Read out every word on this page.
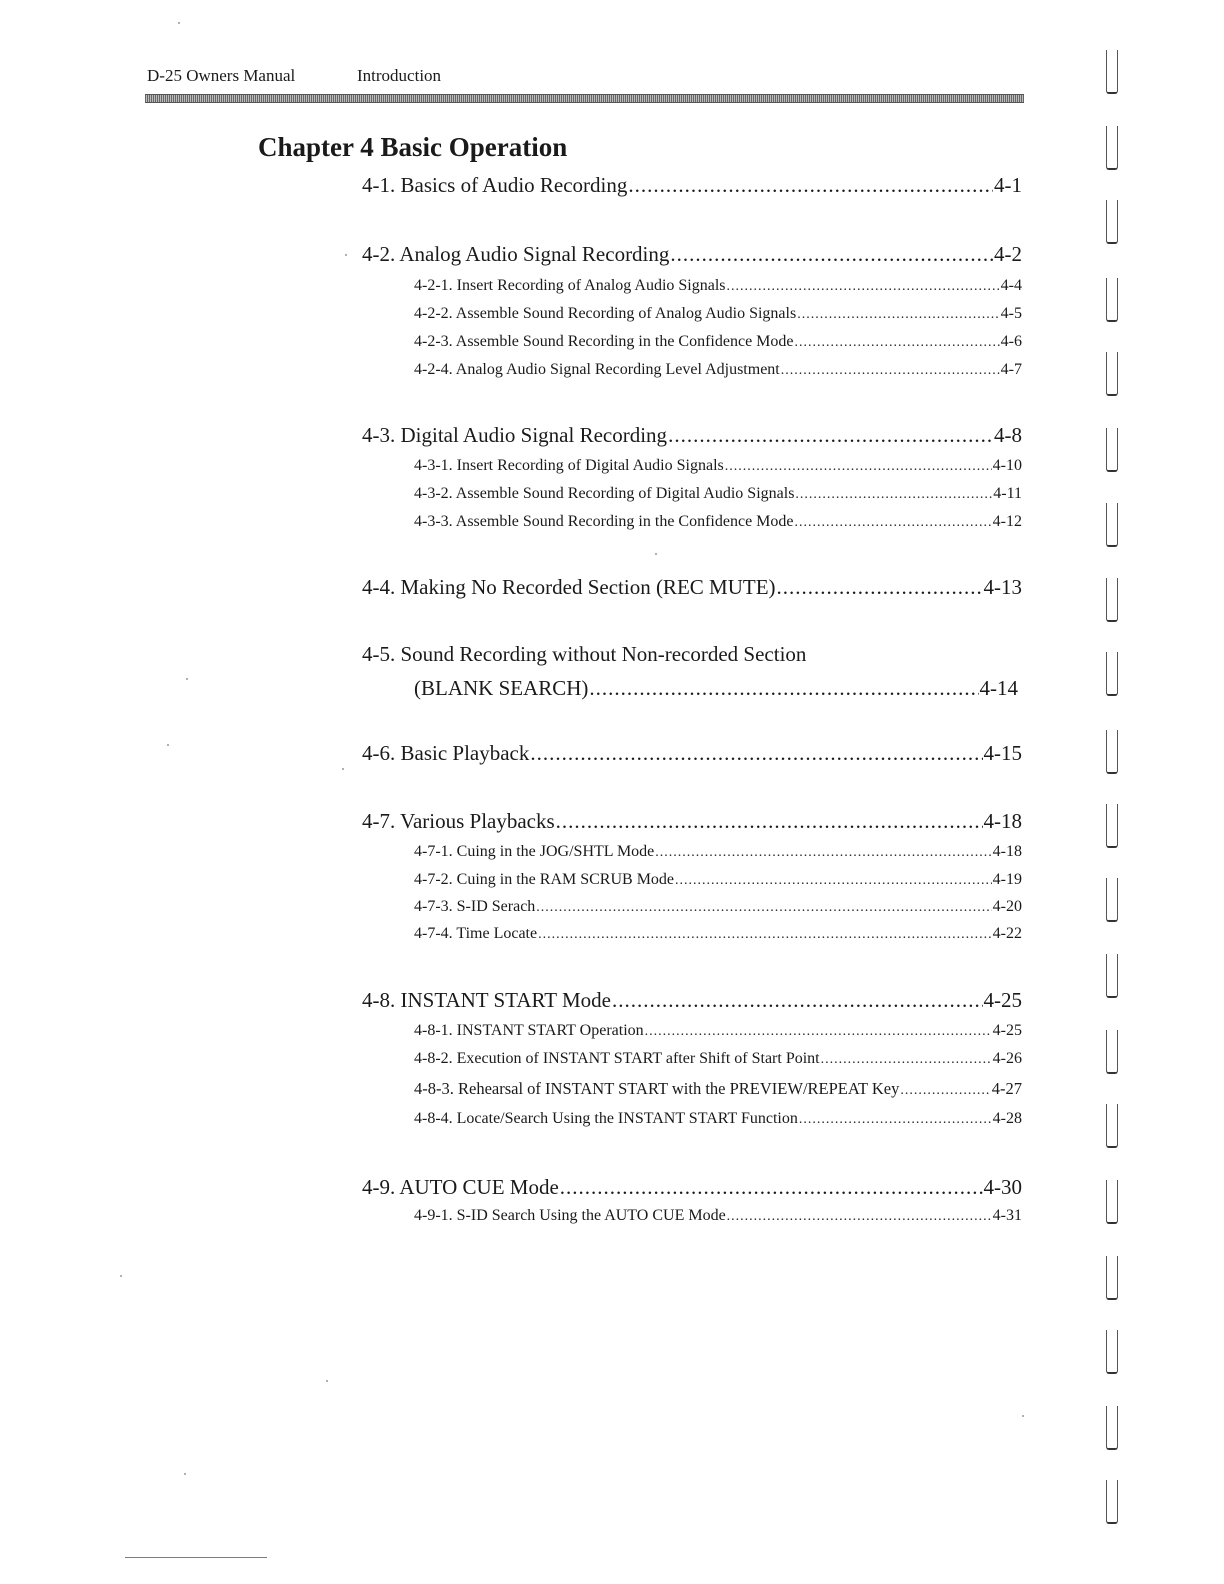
D-25 Owners Manual	Introduction
Chapter 4 Basic Operation
4-1. Basics of Audio Recording .....	4-1
4-2. Analog Audio Signal Recording .....	4-2
4-2-1. Insert Recording of Analog Audio Signals .....	4-4
4-2-2. Assemble Sound Recording of Analog Audio Signals .....	4-5
4-2-3. Assemble Sound Recording in the Confidence Mode .....	4-6
4-2-4. Analog Audio Signal Recording Level Adjustment .....	4-7
4-3. Digital Audio Signal Recording .....	4-8
4-3-1. Insert Recording of Digital Audio Signals .....	4-10
4-3-2. Assemble Sound Recording of Digital Audio Signals .....	4-11
4-3-3. Assemble Sound Recording in the Confidence Mode .....	4-12
4-4. Making No Recorded Section (REC MUTE) .....	4-13
4-5. Sound Recording without Non-recorded Section
(BLANK SEARCH) .....	4-14
4-6. Basic Playback .....	4-15
4-7. Various Playbacks .....	4-18
4-7-1. Cuing in the JOG/SHTL Mode .....	4-18
4-7-2. Cuing in the RAM SCRUB Mode .....	4-19
4-7-3. S-ID Serach .....	4-20
4-7-4. Time Locate .....	4-22
4-8. INSTANT START Mode .....	4-25
4-8-1. INSTANT START Operation .....	4-25
4-8-2. Execution of INSTANT START after Shift of Start Point .....	4-26
4-8-3. Rehearsal of INSTANT START with the PREVIEW/REPEAT Key .....	4-27
4-8-4. Locate/Search Using the INSTANT START Function .....	4-28
4-9. AUTO CUE Mode .....	4-30
4-9-1. S-ID Search Using the AUTO CUE Mode .....	4-31
